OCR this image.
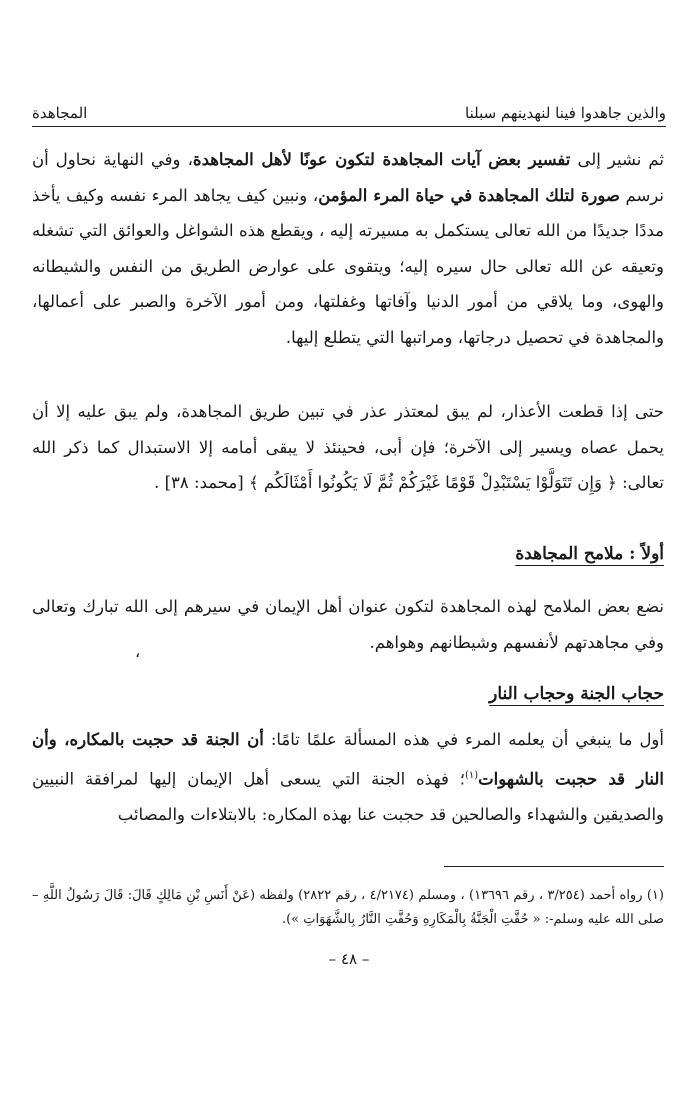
والذين جاهدوا فينا لنهدينهم سبلنا
المجاهدة
ثم نشير إلى تفسير بعض آيات المجاهدة لتكون عونًا لأهل المجاهدة، وفي النهاية نحاول أن نرسم صورة لتلك المجاهدة في حياة المرء المؤمن، ونبين كيف يجاهد المرء نفسه وكيف يأخذ مددًا جديدًا من الله تعالى يستكمل به مسيرته إليه ، ويقطع هذه الشواغل والعوائق التي تشغله وتعيقه عن الله تعالى حال سيره إليه؛ ويتقوى على عوارض الطريق من النفس والشيطانه والهوى، وما يلاقي من أمور الدنيا وآفاتها وغفلتها، ومن أمور الآخرة والصبر على أعمالها، والمجاهدة في تحصيل درجاتها، ومراتبها التي يتطلع إليها.
حتى إذا قطعت الأعذار، لم يبق لمعتذر عذر في تبين طريق المجاهدة، ولم يبق عليه إلا أن يحمل عصاه ويسير إلى الآخرة؛ فإن أبى، فحينئذ لا يبقى أمامه إلا الاستبدال كما ذكر الله تعالى: ﴿ وَإِن تَتَوَلَّوْا يَسْتَبْدِلْ قَوْمًا غَيْرَكُمْ ثُمَّ لَا يَكُونُوا أَمْثَالَكُم ﴾ [محمد: ٣٨] .
أولاً : ملامح المجاهدة
نضع بعض الملامح لهذه المجاهدة لتكون عنوان أهل الإيمان في سيرهم إلى الله تبارك وتعالى وفي مجاهدتهم لأنفسهم وشيطانهم وهواهم.
،
حجاب الجنة وحجاب النار
أول ما ينبغي أن يعلمه المرء في هذه المسألة علمًا تامًا: أن الجنة قد حجبت بالمكاره، وأن النار قد حجبت بالشهوات$^{(١)}$؛ فهذه الجنة التي يسعى أهل الإيمان إليها لمرافقة النبيين والصديقين والشهداء والصالحين قد حجبت عنا بهذه المكاره: بالابتلاءات والمصائب
(١) رواه أحمد (٣/٢٥٤ ، رقم ١٣٦٩٦) ، ومسلم (٤/٢١٧٤ ، رقم ٢٨٢٢) ولفظه (عَنْ أَنَسِ بْنِ مَالِكٍ قَالَ: قَالَ رَسُولُ اللَّهِ –صلى الله عليه وسلم-: « حُفَّتِ الْجَنَّةُ بِالْمَكَارِهِ وَحُفَّتِ النَّارُ بِالشَّهَوَاتِ »).
– ٤٨ –
